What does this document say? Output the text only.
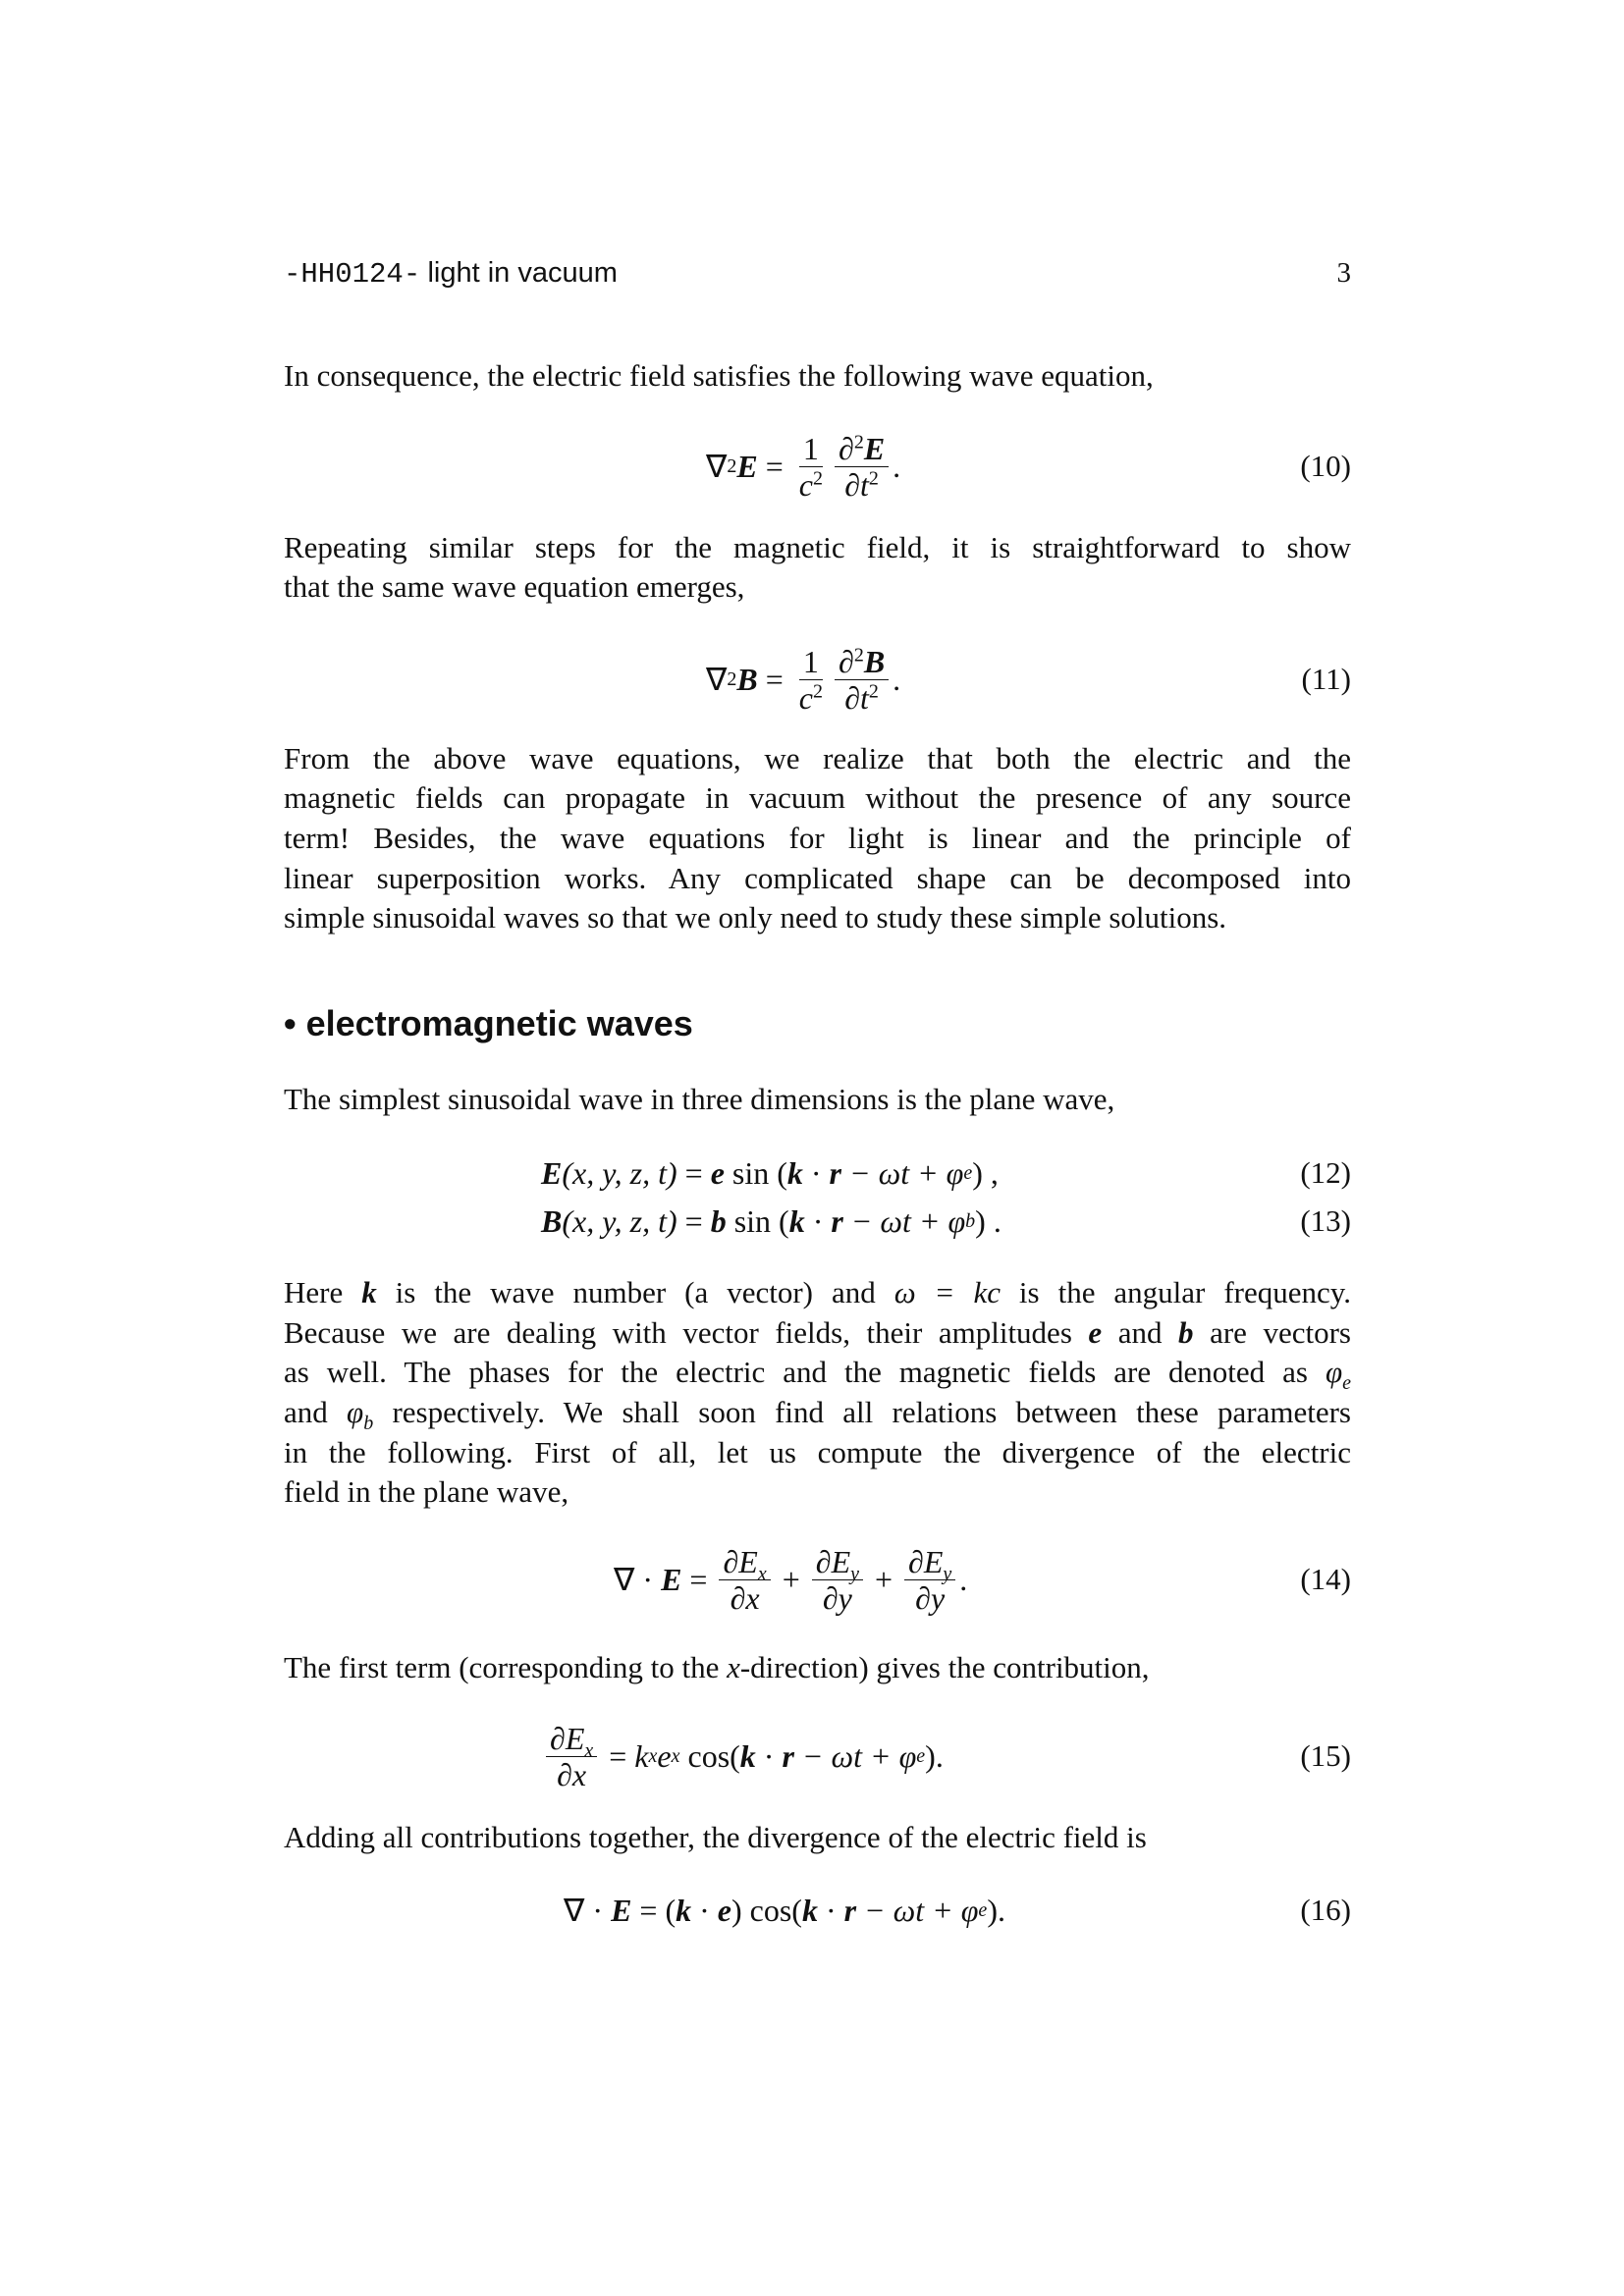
-HH0124- light in vacuum	3
In consequence, the electric field satisfies the following wave equation,
∇ 2 $E = \frac{1}{c^2} \frac{\partial^2E}{\partial t^2}$ .	(10)
Repeating similar steps for the magnetic field, it is straightforward to show
that the same wave equation emerges,
∇ 2 $B = \frac{1}{c^2} \frac{\partial^2B}{\partial t^2}$ .	(11)
From the above wave equations, we realize that both the electric and the
magnetic fields can propagate in vacuum without the presence of any source
term! Besides, the wave equations for light is linear and the principle of
linear superposition works. Any complicated shape can be decomposed into
simple sinusoidal waves so that we only need to study these simple solutions.
• electromagnetic waves
The simplest sinusoidal wave in three dimensions is the plane wave,
E (x, y, z, t) = e sin ( k · r − ωt + φ e ) ,	(12)
B (x, y, z, t) = b sin ( k · r − ωt + φ b ) .	(13)
Here k is the wave number (a vector) and ω = kc is the angular frequency.
Because we are dealing with vector fields, their amplitudes e and b are vectors
as well. The phases for the electric and the magnetic fields are denoted as $\varphi_e$
and $\varphi_b$ respectively. We shall soon find all relations between these parameters
in the following. First of all, let us compute the divergence of the electric
field in the plane wave,
∇ · $E = \frac{\partial E_x}{\partial x} + \frac{\partial E_y}{\partial y} + \frac{\partial E_y}{\partial y}$ .	(14)
The first term (corresponding to the x-direction) gives the contribution,
$\frac{\partial E_x}{\partial x} = k$ x e x cos( k · r − ωt + φ e ).	(15)
Adding all contributions together, the divergence of the electric field is
∇ · E = ( k · e ) cos( k · r − ωt + φ e ).	(16)
